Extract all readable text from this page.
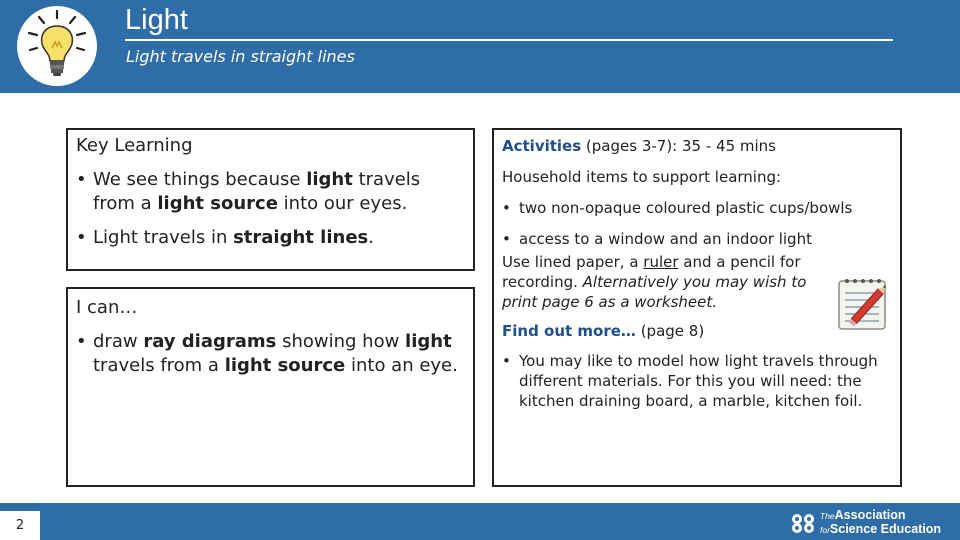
Light
Light travels in straight lines

Key Learning

• We see things because light travels from a light source into our eyes.
• Light travels in straight lines.

I can…

• draw ray diagrams showing how light travels from a light source into an eye.

Activities (pages 3-7): 35 - 45 mins

Household items to support learning:

• two non-opaque coloured plastic cups/bowls
• access to a window and an indoor light

Use lined paper, a ruler and a pencil for recording. Alternatively you may wish to print page 6 as a worksheet.

Find out more… (page 8)

• You may like to model how light travels through different materials. For this you will need: the kitchen draining board, a marble, kitchen foil.
2
TheAssociation
forScience Education
